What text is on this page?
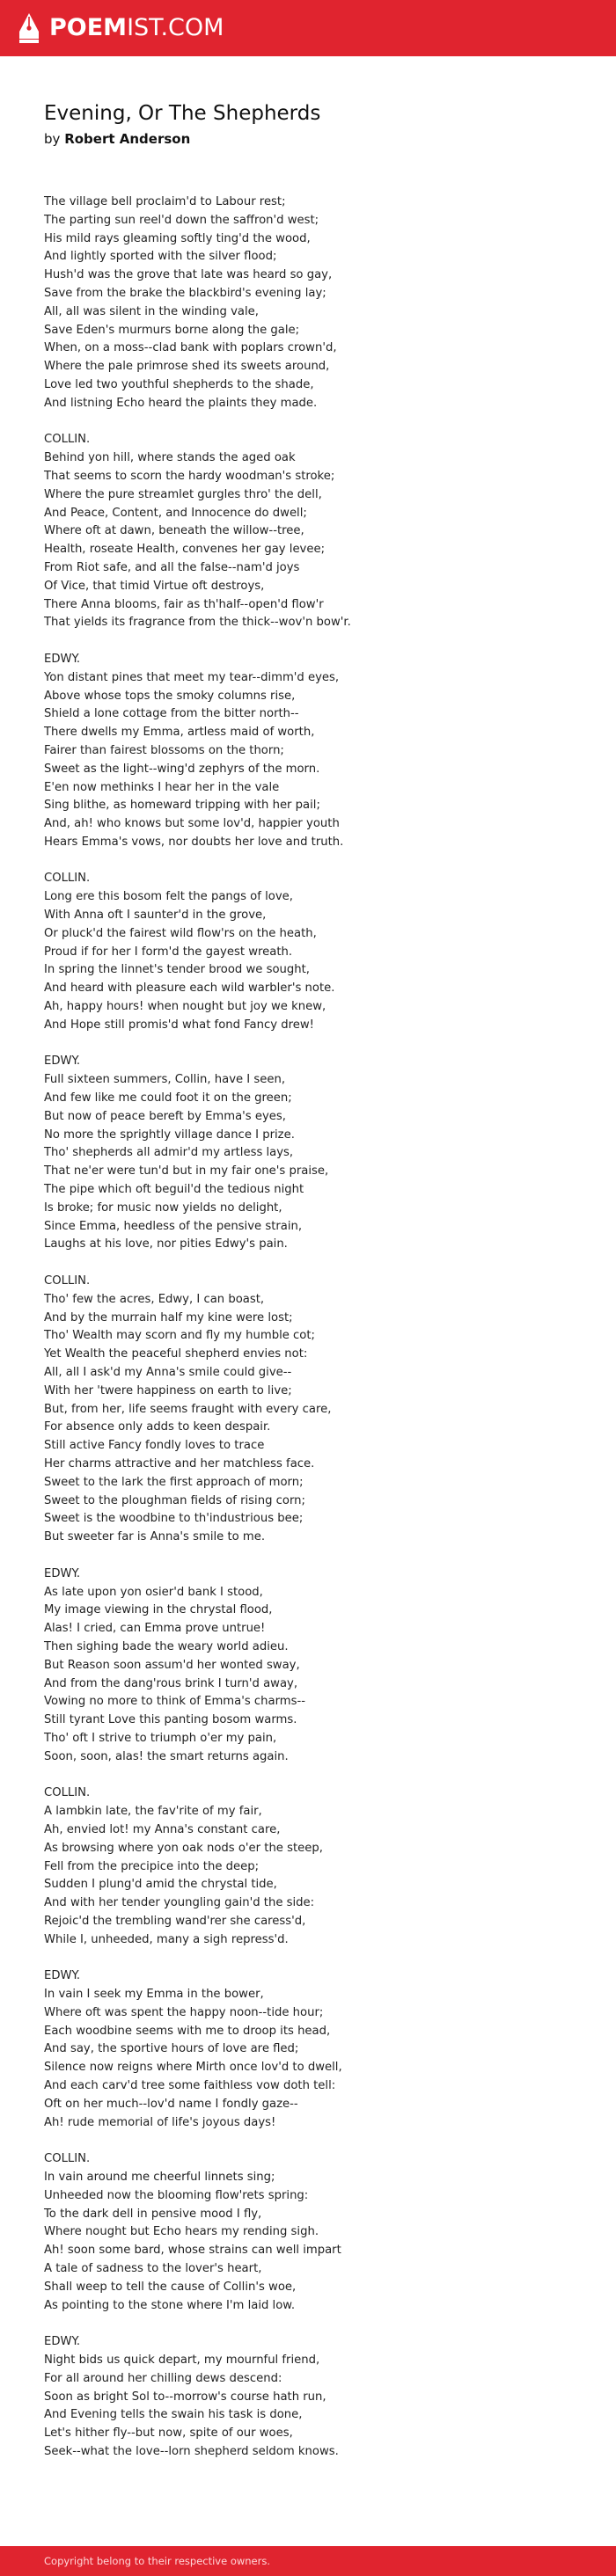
POEMIST.COM
Evening, Or The Shepherds
by Robert Anderson
The village bell proclaim'd to Labour rest;
The parting sun reel'd down the saffron'd west;
His mild rays gleaming softly ting'd the wood,
And lightly sported with the silver flood;
Hush'd was the grove that late was heard so gay,
Save from the brake the blackbird's evening lay;
All, all was silent in the winding vale,
Save Eden's murmurs borne along the gale;
When, on a moss--clad bank with poplars crown'd,
Where the pale primrose shed its sweets around,
Love led two youthful shepherds to the shade,
And listning Echo heard the plaints they made.
COLLIN.
Behind yon hill, where stands the aged oak
That seems to scorn the hardy woodman's stroke;
Where the pure streamlet gurgles thro' the dell,
And Peace, Content, and Innocence do dwell;
Where oft at dawn, beneath the willow--tree,
Health, roseate Health, convenes her gay levee;
From Riot safe, and all the false--nam'd joys
Of Vice, that timid Virtue oft destroys,
There Anna blooms, fair as th'half--open'd flow'r
That yields its fragrance from the thick--wov'n bow'r.
EDWY.
Yon distant pines that meet my tear--dimm'd eyes,
Above whose tops the smoky columns rise,
Shield a lone cottage from the bitter north--
There dwells my Emma, artless maid of worth,
Fairer than fairest blossoms on the thorn;
Sweet as the light--wing'd zephyrs of the morn.
E'en now methinks I hear her in the vale
Sing blithe, as homeward tripping with her pail;
And, ah! who knows but some lov'd, happier youth
Hears Emma's vows, nor doubts her love and truth.
COLLIN.
Long ere this bosom felt the pangs of love,
With Anna oft I saunter'd in the grove,
Or pluck'd the fairest wild flow'rs on the heath,
Proud if for her I form'd the gayest wreath.
In spring the linnet's tender brood we sought,
And heard with pleasure each wild warbler's note.
Ah, happy hours! when nought but joy we knew,
And Hope still promis'd what fond Fancy drew!
EDWY.
Full sixteen summers, Collin, have I seen,
And few like me could foot it on the green;
But now of peace bereft by Emma's eyes,
No more the sprightly village dance I prize.
Tho' shepherds all admir'd my artless lays,
That ne'er were tun'd but in my fair one's praise,
The pipe which oft beguil'd the tedious night
Is broke; for music now yields no delight,
Since Emma, heedless of the pensive strain,
Laughs at his love, nor pities Edwy's pain.
COLLIN.
Tho' few the acres, Edwy, I can boast,
And by the murrain half my kine were lost;
Tho' Wealth may scorn and fly my humble cot;
Yet Wealth the peaceful shepherd envies not:
All, all I ask'd my Anna's smile could give--
With her 'twere happiness on earth to live;
But, from her, life seems fraught with every care,
For absence only adds to keen despair.
Still active Fancy fondly loves to trace
Her charms attractive and her matchless face.
Sweet to the lark the first approach of morn;
Sweet to the ploughman fields of rising corn;
Sweet is the woodbine to th'industrious bee;
But sweeter far is Anna's smile to me.
EDWY.
As late upon yon osier'd bank I stood,
My image viewing in the chrystal flood,
Alas! I cried, can Emma prove untrue!
Then sighing bade the weary world adieu.
But Reason soon assum'd her wonted sway,
And from the dang'rous brink I turn'd away,
Vowing no more to think of Emma's charms--
Still tyrant Love this panting bosom warms.
Tho' oft I strive to triumph o'er my pain,
Soon, soon, alas! the smart returns again.
COLLIN.
A lambkin late, the fav'rite of my fair,
Ah, envied lot! my Anna's constant care,
As browsing where yon oak nods o'er the steep,
Fell from the precipice into the deep;
Sudden I plung'd amid the chrystal tide,
And with her tender youngling gain'd the side:
Rejoic'd the trembling wand'rer she caress'd,
While I, unheeded, many a sigh repress'd.
EDWY.
In vain I seek my Emma in the bower,
Where oft was spent the happy noon--tide hour;
Each woodbine seems with me to droop its head,
And say, the sportive hours of love are fled;
Silence now reigns where Mirth once lov'd to dwell,
And each carv'd tree some faithless vow doth tell:
Oft on her much--lov'd name I fondly gaze--
Ah! rude memorial of life's joyous days!
COLLIN.
In vain around me cheerful linnets sing;
Unheeded now the blooming flow'rets spring:
To the dark dell in pensive mood I fly,
Where nought but Echo hears my rending sigh.
Ah! soon some bard, whose strains can well impart
A tale of sadness to the lover's heart,
Shall weep to tell the cause of Collin's woe,
As pointing to the stone where I'm laid low.
EDWY.
Night bids us quick depart, my mournful friend,
For all around her chilling dews descend:
Soon as bright Sol to--morrow's course hath run,
And Evening tells the swain his task is done,
Let's hither fly--but now, spite of our woes,
Seek--what the love--lorn shepherd seldom knows.
Copyright belong to their respective owners.
